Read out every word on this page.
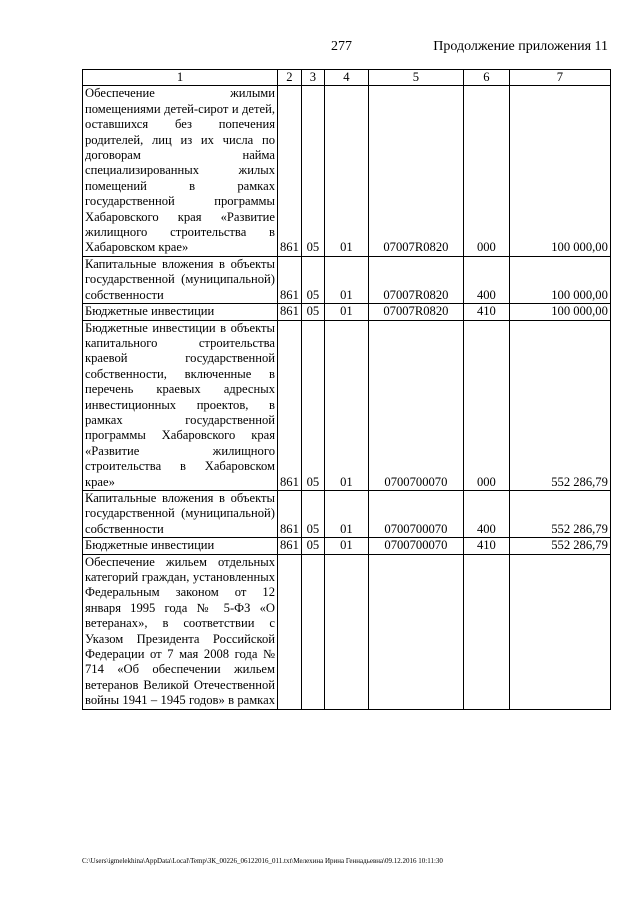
277	Продолжение приложения 11
1	2	3	4	5	6	7
Обеспечение жилыми помещениями детей-сирот и детей, оставшихся без попечения родителей, лиц из их числа по договорам найма специализированных жилых помещений в рамках государственной программы Хабаровского края «Развитие жилищного строительства в Хабаровском крае»	861	05	01	07007R0820	000	100 000,00
Капитальные вложения в объекты государственной (муниципальной) собственности	861	05	01	07007R0820	400	100 000,00
Бюджетные инвестиции	861	05	01	07007R0820	410	100 000,00
Бюджетные инвестиции в объекты капитального строительства краевой государственной собственности, включенные в перечень краевых адресных инвестиционных проектов, в рамках государственной программы Хабаровского края «Развитие жилищного строительства в Хабаровском крае»	861	05	01	0700700070	000	552 286,79
Капитальные вложения в объекты государственной (муниципальной) собственности	861	05	01	0700700070	400	552 286,79
Бюджетные инвестиции	861	05	01	0700700070	410	552 286,79
Обеспечение жильем отдельных категорий граждан, установленных Федеральным законом от 12 января 1995 года № 5-ФЗ «О ветеранах», в соответствии с Указом Президента Российской Федерации от 7 мая 2008 года № 714 «Об обеспечении жильем ветеранов Великой Отечественной войны 1941 – 1945 годов» в рамках						
C:\Users\igmelekhina\AppData\Local\Temp\ЗК_00226_06122016_011.txt\Мелехина Ирина Геннадьевна\09.12.2016 10:11:30
